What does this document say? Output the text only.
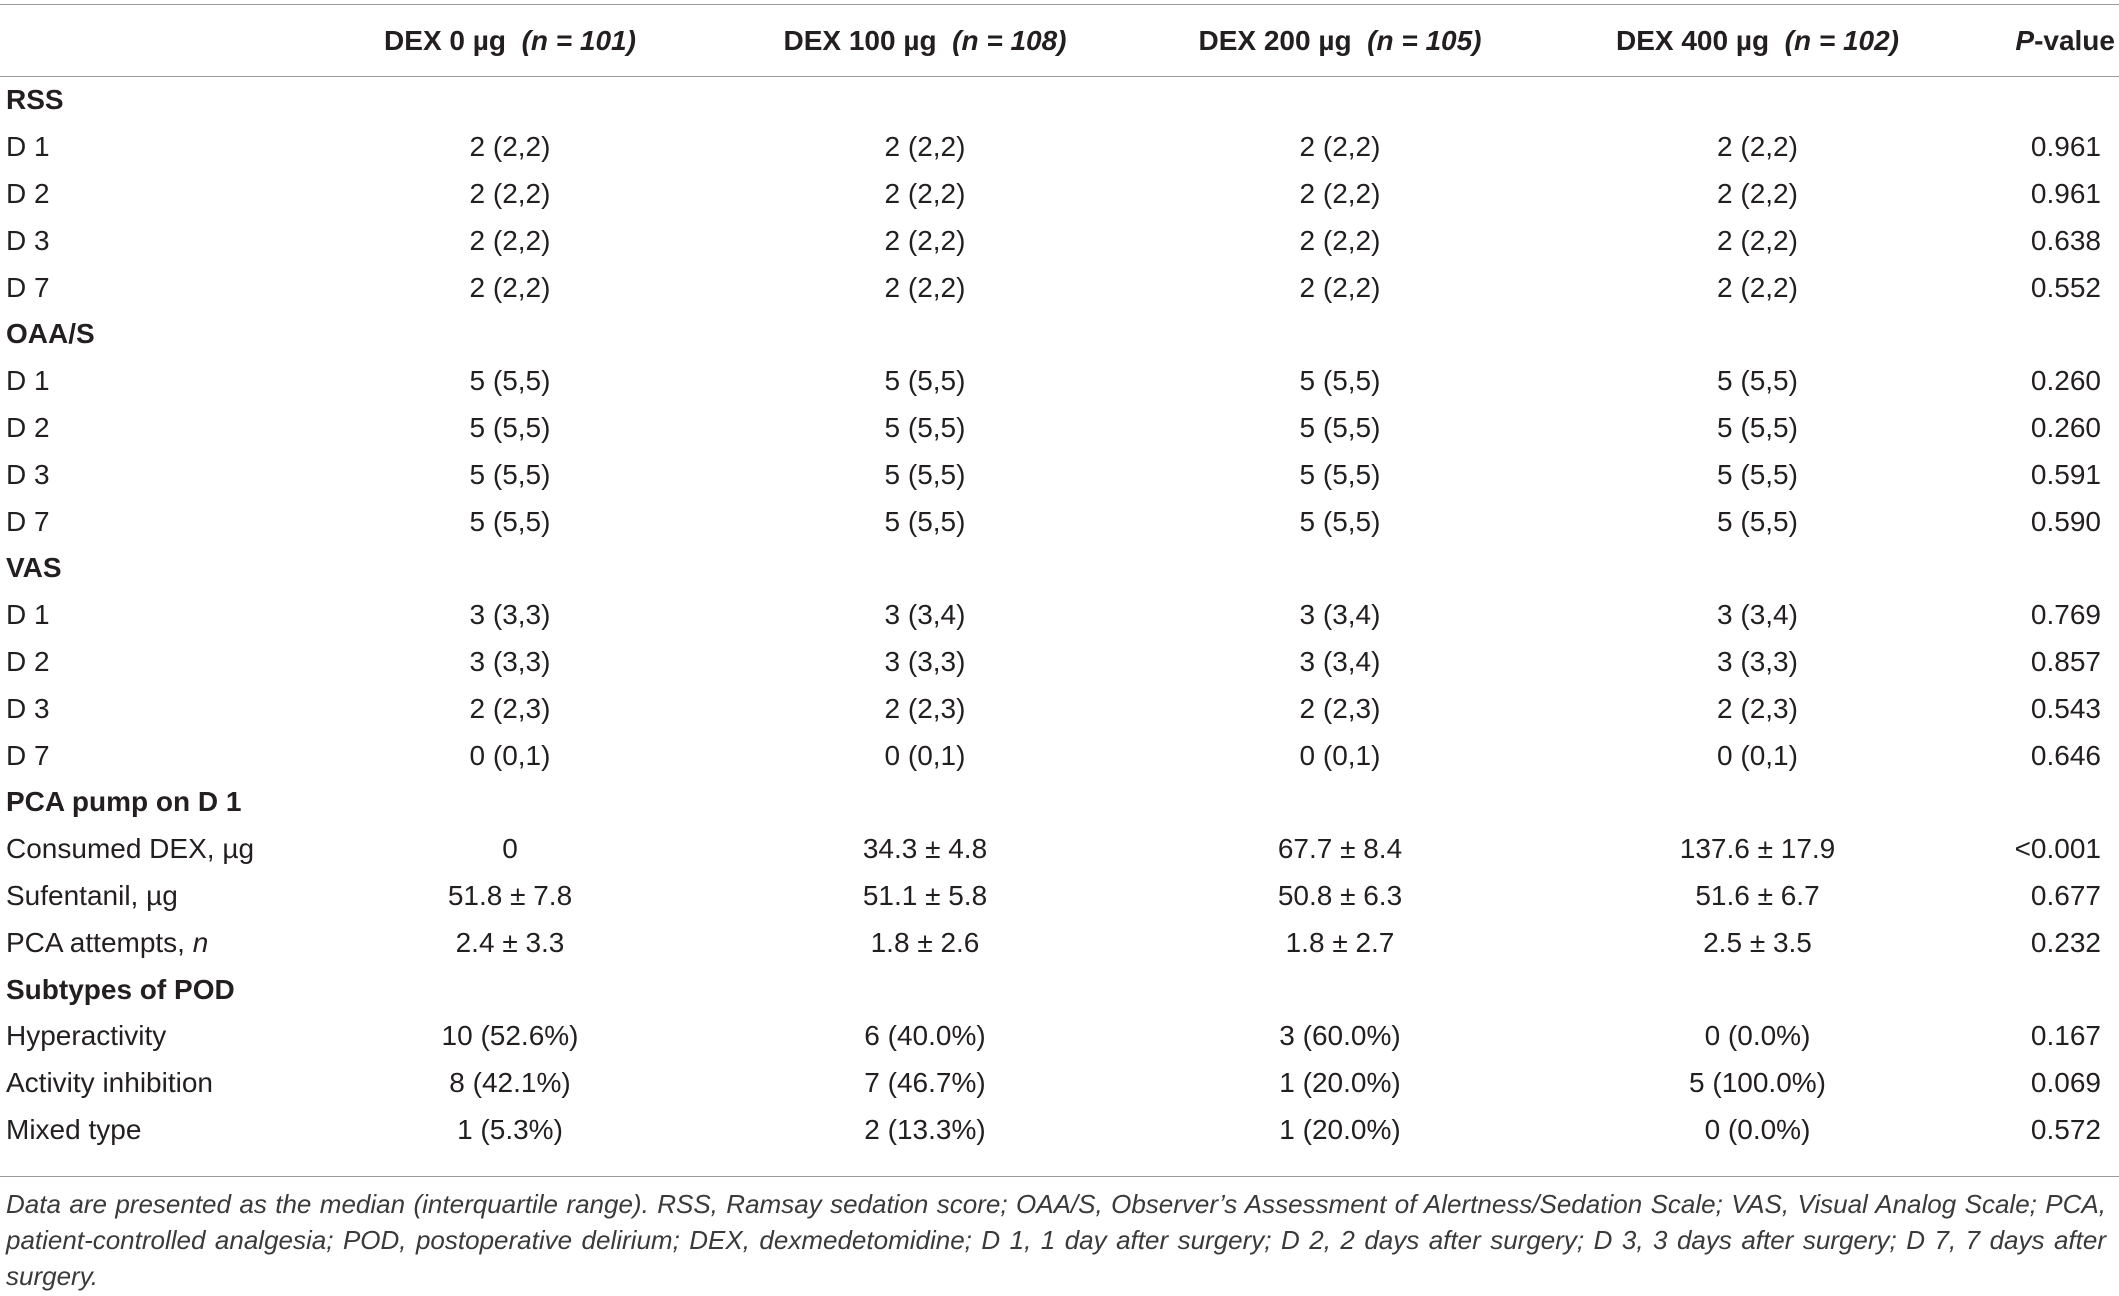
	DEX 0 µg (n = 101)	DEX 100 µg (n = 108)	DEX 200 µg (n = 105)	DEX 400 µg (n = 102)	P-value
RSS					
D 1	2 (2,2)	2 (2,2)	2 (2,2)	2 (2,2)	0.961
D 2	2 (2,2)	2 (2,2)	2 (2,2)	2 (2,2)	0.961
D 3	2 (2,2)	2 (2,2)	2 (2,2)	2 (2,2)	0.638
D 7	2 (2,2)	2 (2,2)	2 (2,2)	2 (2,2)	0.552
OAA/S					
D 1	5 (5,5)	5 (5,5)	5 (5,5)	5 (5,5)	0.260
D 2	5 (5,5)	5 (5,5)	5 (5,5)	5 (5,5)	0.260
D 3	5 (5,5)	5 (5,5)	5 (5,5)	5 (5,5)	0.591
D 7	5 (5,5)	5 (5,5)	5 (5,5)	5 (5,5)	0.590
VAS					
D 1	3 (3,3)	3 (3,4)	3 (3,4)	3 (3,4)	0.769
D 2	3 (3,3)	3 (3,3)	3 (3,4)	3 (3,3)	0.857
D 3	2 (2,3)	2 (2,3)	2 (2,3)	2 (2,3)	0.543
D 7	0 (0,1)	0 (0,1)	0 (0,1)	0 (0,1)	0.646
PCA pump on D 1					
Consumed DEX, µg	0	34.3 ± 4.8	67.7 ± 8.4	137.6 ± 17.9	<0.001
Sufentanil, µg	51.8 ± 7.8	51.1 ± 5.8	50.8 ± 6.3	51.6 ± 6.7	0.677
PCA attempts, n	2.4 ± 3.3	1.8 ± 2.6	1.8 ± 2.7	2.5 ± 3.5	0.232
Subtypes of POD					
Hyperactivity	10 (52.6%)	6 (40.0%)	3 (60.0%)	0 (0.0%)	0.167
Activity inhibition	8 (42.1%)	7 (46.7%)	1 (20.0%)	5 (100.0%)	0.069
Mixed type	1 (5.3%)	2 (13.3%)	1 (20.0%)	0 (0.0%)	0.572
Data are presented as the median (interquartile range). RSS, Ramsay sedation score; OAA/S, Observer’s Assessment of Alertness/Sedation Scale; VAS, Visual Analog Scale; PCA, patient-controlled analgesia; POD, postoperative delirium; DEX, dexmedetomidine; D 1, 1 day after surgery; D 2, 2 days after surgery; D 3, 3 days after surgery; D 7, 7 days after surgery.
